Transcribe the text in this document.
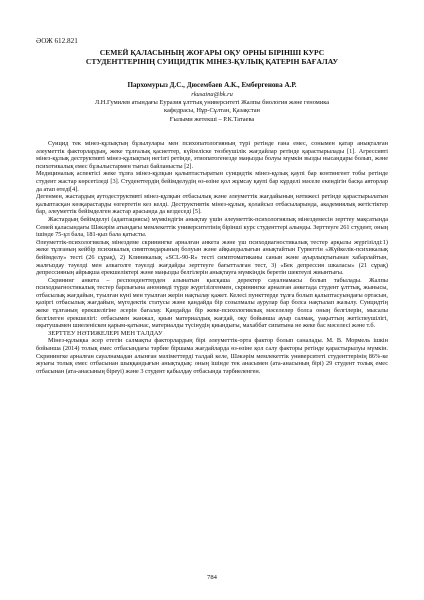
ӘОЖ 612.821
СЕМЕЙ ҚАЛАСЫНЫҢ ЖОҒАРЫ ОҚУ ОРНЫ БІРІНШІ КУРС
СТУДЕНТТЕРІНІҢ СУИЦИДТІК МІНЕЗ-ҚҰЛЫҚ ҚАТЕРІН БАҒАЛАУ
Пархомурыз Д.С., Дюсембаев А.К., Ембергенова А.Р.
rkusaina@bk.ru
Л.Н.Гумилев атындағы Еуразия ұлттық университеті Жалпы биология және геномика
кафедрасы, Нұр-Сұлтан, Қазақстан
Ғылыми жетекші – Р.К.Татаева

Суицид тек мінез-құлықтың бұзылулары мен психопатологияның түрі ретінде ғана емес, сонымен қатар анықталған әлеуметтік факторлардың, жеке тұлғалық қасиеттер, күйзеліске төзбеушілік жағдайлар ретінде қарастырылады [1]. Агрессивті мінез-құлық деструктивті мінез-құлықтың негізгі ретінде, этиопатогенезде маңызды болуы мүмкін вызды нысандары болып, және психотикалық емес бұзылыстармен тығыз байланысты [2].

Медициналық аспектісі жеке тұлға мінез-құлқын қалыптастыратын суицидтік мінез-құлық қаупі бар контингент тобы ретінде студент жастар көрсетіледі [3]. Студенттердің бейімделудің өз-өзіне қол жұмсау қаупі бар кұрделі мәселе екендігін басқа авторлар да атап өтеді[4].

Дегенмен, жастардың аутодеструктивті мінез-құлқын отбасылық және әлеуметтік жағдайының нәтижесі ретінде қарастырылатын қалыптасқан көзқарастарды өзгертетін кез келді. Деструктивтік мінез-құлық, қолайсыз отбасыларында, академиялық жетістіктер бар, әлеуметтік бейімделген жастар арасында да кездеседі [5].

Жастардың бейімделуі (адаптациясы) мүмкіндігін анықтау үшін әлеуметтік-психологиялық мінездемесін зерттеу мақсатында Семей қаласындағы Шәкәрім атындағы мемлекеттік университетінің бірінші курс студенттері алынды. Зерттеуге 261 студент, оның ішінде 75-ұл бала, 181-қыз бала қатысты.

Әлеуметтік-психологиялық мінездеме скринингке арналған анкета және үш психодиагностикалық тестер арқылы жүргізілді:1) жеке тұлғаның кейбір психикалық симптомдарының болуын және айқындылығын анықтайтын Гурвеггін «Жүйкелік-психикалық бейімделу» тесті (26 сұрақ), 2) Клиникалық «SCL-90-R» тесті симптоматиканы санын және ауырлықтығынан хабарлайтын, жалғыздау тәуелді мен алкаголге тәуелді жағдайды зерттеуге бағытталған тест, 3) «Бек депрессия шкаласы» (21 сұрақ) депрессияның айрықша ерекшеліктері және маңызды белгілерін анықтауға мүмкіндік беретін шектеулі жиынтығы.

Скрининг анкета – респонденттерден алынатын қысқаша деректер сауалнамасы болып табылады. Жалпы психодиагностикалық тестер барлығына анонимді түрде жүргізілгенмен, скринингке арналған анкетада студент ұлттық, жынысы, отбасылық жағдайын, туылған күні мен туылған жерін нақтылау қажет. Келесі пункттерде тұлға болып қалыптасуындағы ортасын, қазіргі отбасылық жағдайын, мүгедектік статусы және қандайда бір созылмалы аурулар бар болса нақтылап жазылу. Суицидтің жеке тұлғаның ерекшелігіне әсерін бағалау. Қандайда бір жеке-психологиялық мәселелер болса оның белгілерін, мысалы белгілеген ерекшелігі: отбасымен жанжал, қиын материалдық жағдай, оқу бойынша ауыр салмақ, уақыттың жетіспеушілігі, оқытушымен шиеленіскен қарым-қатынас, материалды түсінудің қиындығы, махаббат сипатына не жеке бас мәселесі және т.б.

ЗЕРТТЕУ НӘТИЖЕЛЕРІ МЕН ТАЛДАУ

Мінез-құлықка әсер ететін салмақты факторлардың бірі әлеуметтік-орта фактор болып саналады. М. В. Мормель ішкін бойынша (2014) толық емес отбасындағы тәрбие біршама жағдайларда өз-өзіне қол салу факторы ретінде қарастырылуы мүмкін. Скринингке арналған сауалнамадан алынған мәліметтерді талдай келе, Шәкәрім мемлекеттік университеті студенттерінің 86%-ке жуығы толық емес отбасынан шыққандығын анықтадық: оның ішінде тек анасымен (ата-анасының бірі) 29 студент толық емес отбасынан (ата-анасының біреуі) және 3 студент қабылдау отбасында тәрбиеленген.

784
